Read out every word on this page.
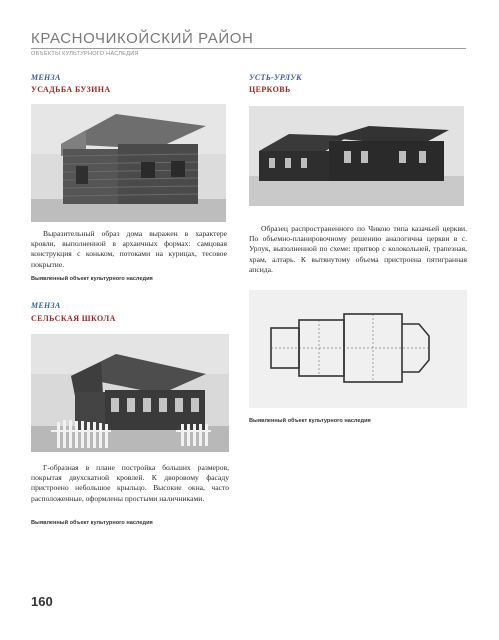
КРАСНОЧИКОЙСКИЙ РАЙОН
ОБЪЕКТЫ КУЛЬТУРНОГО НАСЛЕДИЯ
МЕНЗА
УСАДЬБА БУЗИНА

Выразительный образ дома выражен в характере кровли, выполненной в архаичных формах: самцовая конструкция с коньком, потоками на курицах, тесовое покрытие.

Выявленный объект культурного наследия
УСТЬ-УРЛУК
ЦЕРКОВЬ

Образец распространенного по Чикою типа казачьей церкви. По объемно-планировочному решению аналогична церкви в с. Урлук, выполненной по схеме: притвор с колокольней, трапезная, храм, алтарь. К вытянутому объема пристроена пятигранная апсида.

Выявленный объект культурного наследия
МЕНЗА
СЕЛЬСКАЯ ШКОЛА

Г-образная в плане постройка больших размеров, покрытая двухскатной кровлей. К дворовому фасаду пристроено небольшое крыльцо. Высокие окна, часто расположенные, оформлены простыми наличниками.

Выявленный объект культурного наследия
160
